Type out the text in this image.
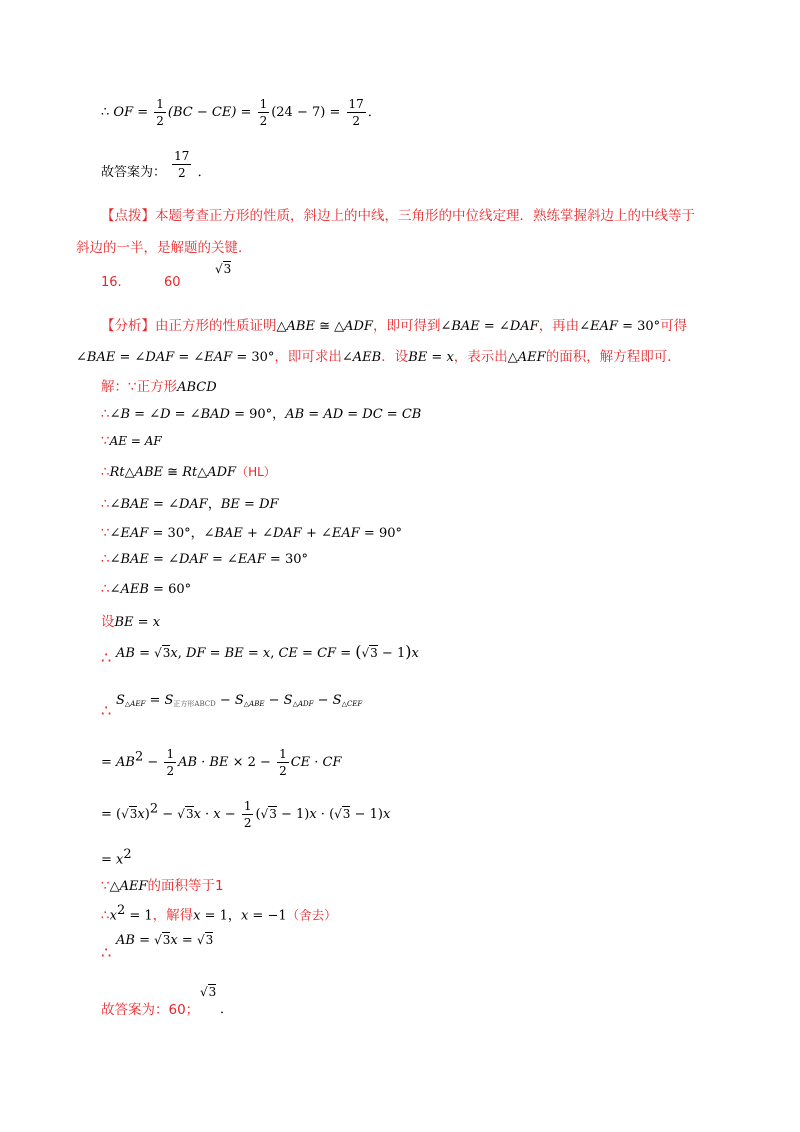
∴ OF = $\frac{1}{2} (BC - CE) = \frac{1}{2} (24 - 7) = \frac{17}{2}$ ．
故答案为： $\frac{17}{2}$ ．
【点拨】本题考查正方形的性质，斜边上的中线，三角形的中位线定理．熟练掌握斜边上的中线等于
斜边的一半，是解题的关键．
16.	60
√3
【分析】由正方形的性质证明△ABE ≅ △ADF，即可得到∠BAE = ∠DAF，再由∠EAF = 30°可得
∠BAE = ∠DAF = ∠EAF = 30°，即可求出∠AEB．设BE = x，表示出△AEF的面积，解方程即可．
解：∵正方形ABCD
∴∠B = ∠D = ∠BAD = 90°，AB = AD = DC = CB
∵AE = AF
∴Rt△ABE ≅ Rt△ADF（HL）
∴∠BAE = ∠DAF，BE = DF
∵∠EAF = 30°，∠BAE + ∠DAF + ∠EAF = 90°
∴∠BAE = ∠DAF = ∠EAF = 30°
∴∠AEB = 60°
设BE = x
∴ AB = √3x, DF = BE = x, CE = CF = (√3 − 1)x
∴
$S_{\triangle AEF} = S_{正方形ABCD} - S_{\triangle ABE} - S_{\triangle ADF} - S_{\triangle CEF}$
= $AB^2 - \frac{1}{2}$ AB · BE × $2 - \frac{1}{2}$ CE · CF
= $(√3x)^2 - √3x \cdot x - \frac{1}{2} (√3 - 1)x \cdot (√3 - 1)x$
= $x^2$
∵△AEF的面积等于1
$\therefore x^2 = 1$，解得x = 1，x = −1（舍去）
∴
AB = √3x = √3
故答案为：60；
√3
．
